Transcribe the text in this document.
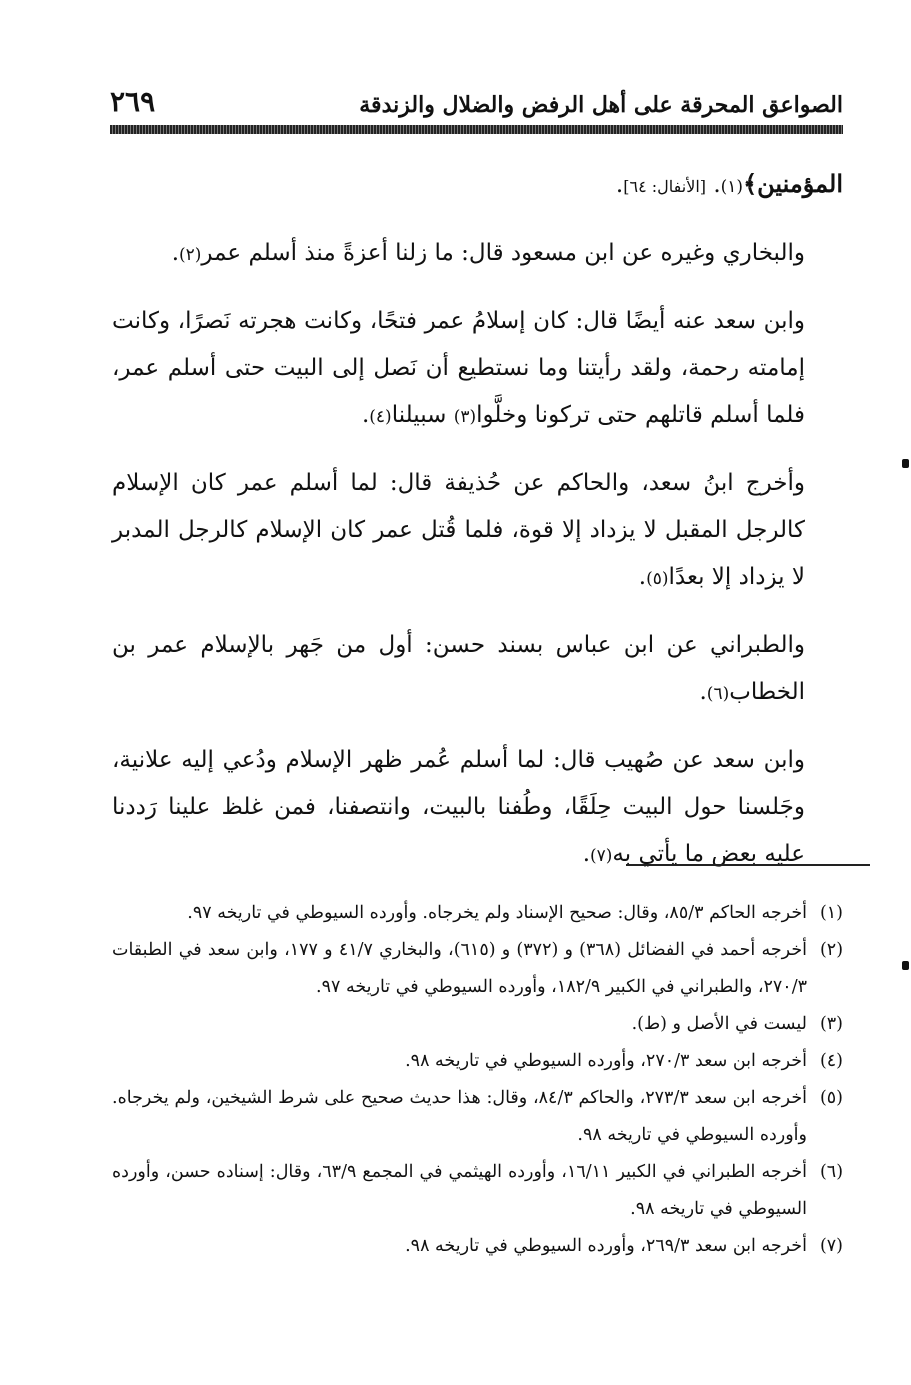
الصواعق المحرقة على أهل الرفض والضلال والزندقة
٢٦٩

المؤمنين﴾(١). [الأنفال: ٦٤].

والبخاري وغيره عن ابن مسعود قال: ما زلنا أعزةً منذ أسلم عمر(٢).

وابن سعد عنه أيضًا قال: كان إسلامُ عمر فتحًا، وكانت هجرته نَصرًا، وكانت إمامته رحمة، ولقد رأيتنا وما نستطيع أن نَصل إلى البيت حتى أسلم عمر، فلما أسلم قاتلهم حتى تركونا وخلَّوا(٣) سبيلنا(٤).

وأخرج ابنُ سعد، والحاكم عن حُذيفة قال: لما أسلم عمر كان الإسلام كالرجل المقبل لا يزداد إلا قوة، فلما قُتل عمر كان الإسلام كالرجل المدبر لا يزداد إلا بعدًا(٥).

والطبراني عن ابن عباس بسند حسن: أول من جَهر بالإسلام عمر بن الخطاب(٦).

وابن سعد عن صُهيب قال: لما أسلم عُمر ظهر الإسلام ودُعي إليه علانية، وجَلسنا حول البيت حِلَقًا، وطُفنا بالبيت، وانتصفنا، فمن غلظ علينا رَددنا عليه بعض ما يأتي به(٧).

(١)أخرجه الحاكم ٨٥/٣، وقال: صحيح الإسناد ولم يخرجاه. وأورده السيوطي في تاريخه ٩٧.

(٢)أخرجه أحمد في الفضائل (٣٦٨) و (٣٧٢) و (٦١٥)، والبخاري ٤١/٧ و ١٧٧، وابن سعد في الطبقات ٢٧٠/٣، والطبراني في الكبير ١٨٢/٩، وأورده السيوطي في تاريخه ٩٧.

(٣)ليست في الأصل و (ط).

(٤)أخرجه ابن سعد ٢٧٠/٣، وأورده السيوطي في تاريخه ٩٨.

(٥)أخرجه ابن سعد ٢٧٣/٣، والحاكم ٨٤/٣، وقال: هذا حديث صحيح على شرط الشيخين، ولم يخرجاه. وأورده السيوطي في تاريخه ٩٨.

(٦)أخرجه الطبراني في الكبير ١٦/١١، وأورده الهيثمي في المجمع ٦٣/٩، وقال: إسناده حسن، وأورده السيوطي في تاريخه ٩٨.

(٧)أخرجه ابن سعد ٢٦٩/٣، وأورده السيوطي في تاريخه ٩٨.
